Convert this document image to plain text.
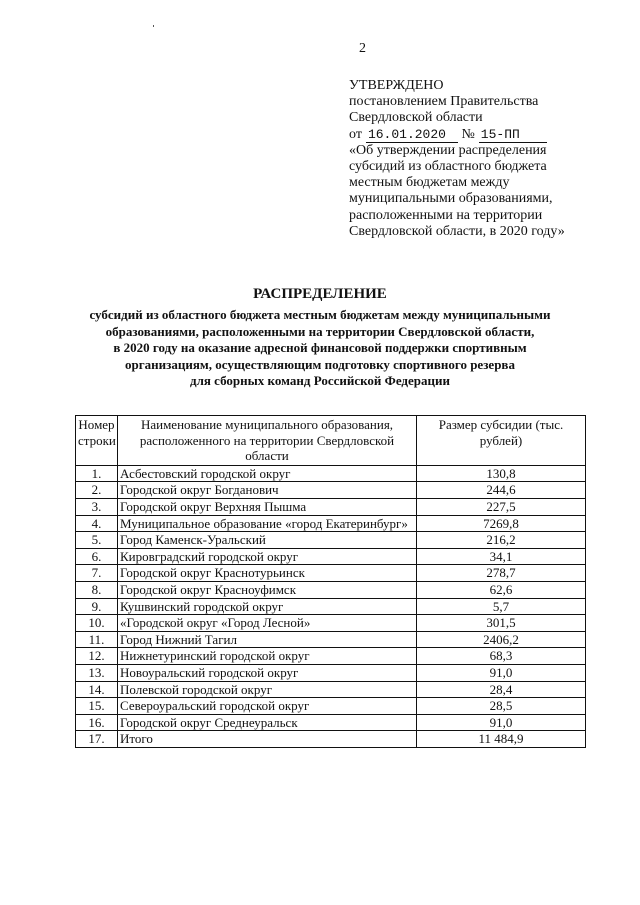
2
УТВЕРЖДЕНО
постановлением Правительства
Свердловской области
от 16.01.2020 № 15-ПП
«Об утверждении распределения
субсидий из областного бюджета
местным бюджетам между
муниципальными образованиями,
расположенными на территории
Свердловской области, в 2020 году»
РАСПРЕДЕЛЕНИЕ
субсидий из областного бюджета местным бюджетам между муниципальными
образованиями, расположенными на территории Свердловской области,
в 2020 году на оказание адресной финансовой поддержки спортивным
организациям, осуществляющим подготовку спортивного резерва
для сборных команд Российской Федерации
Номер строки	Наименование муниципального образования, расположенного на территории Свердловской области	Размер субсидии (тыс. рублей)
1.	Асбестовский городской округ	130,8
2.	Городской округ Богданович	244,6
3.	Городской округ Верхняя Пышма	227,5
4.	Муниципальное образование «город Екатеринбург»	7269,8
5.	Город Каменск-Уральский	216,2
6.	Кировградский городской округ	34,1
7.	Городской округ Краснотурьинск	278,7
8.	Городской округ Красноуфимск	62,6
9.	Кушвинский городской округ	5,7
10.	«Городской округ «Город Лесной»	301,5
11.	Город Нижний Тагил	2406,2
12.	Нижнетуринский городской округ	68,3
13.	Новоуральский городской округ	91,0
14.	Полевской городской округ	28,4
15.	Североуральский городской округ	28,5
16.	Городской округ Среднеуральск	91,0
17.	Итого	11 484,9
